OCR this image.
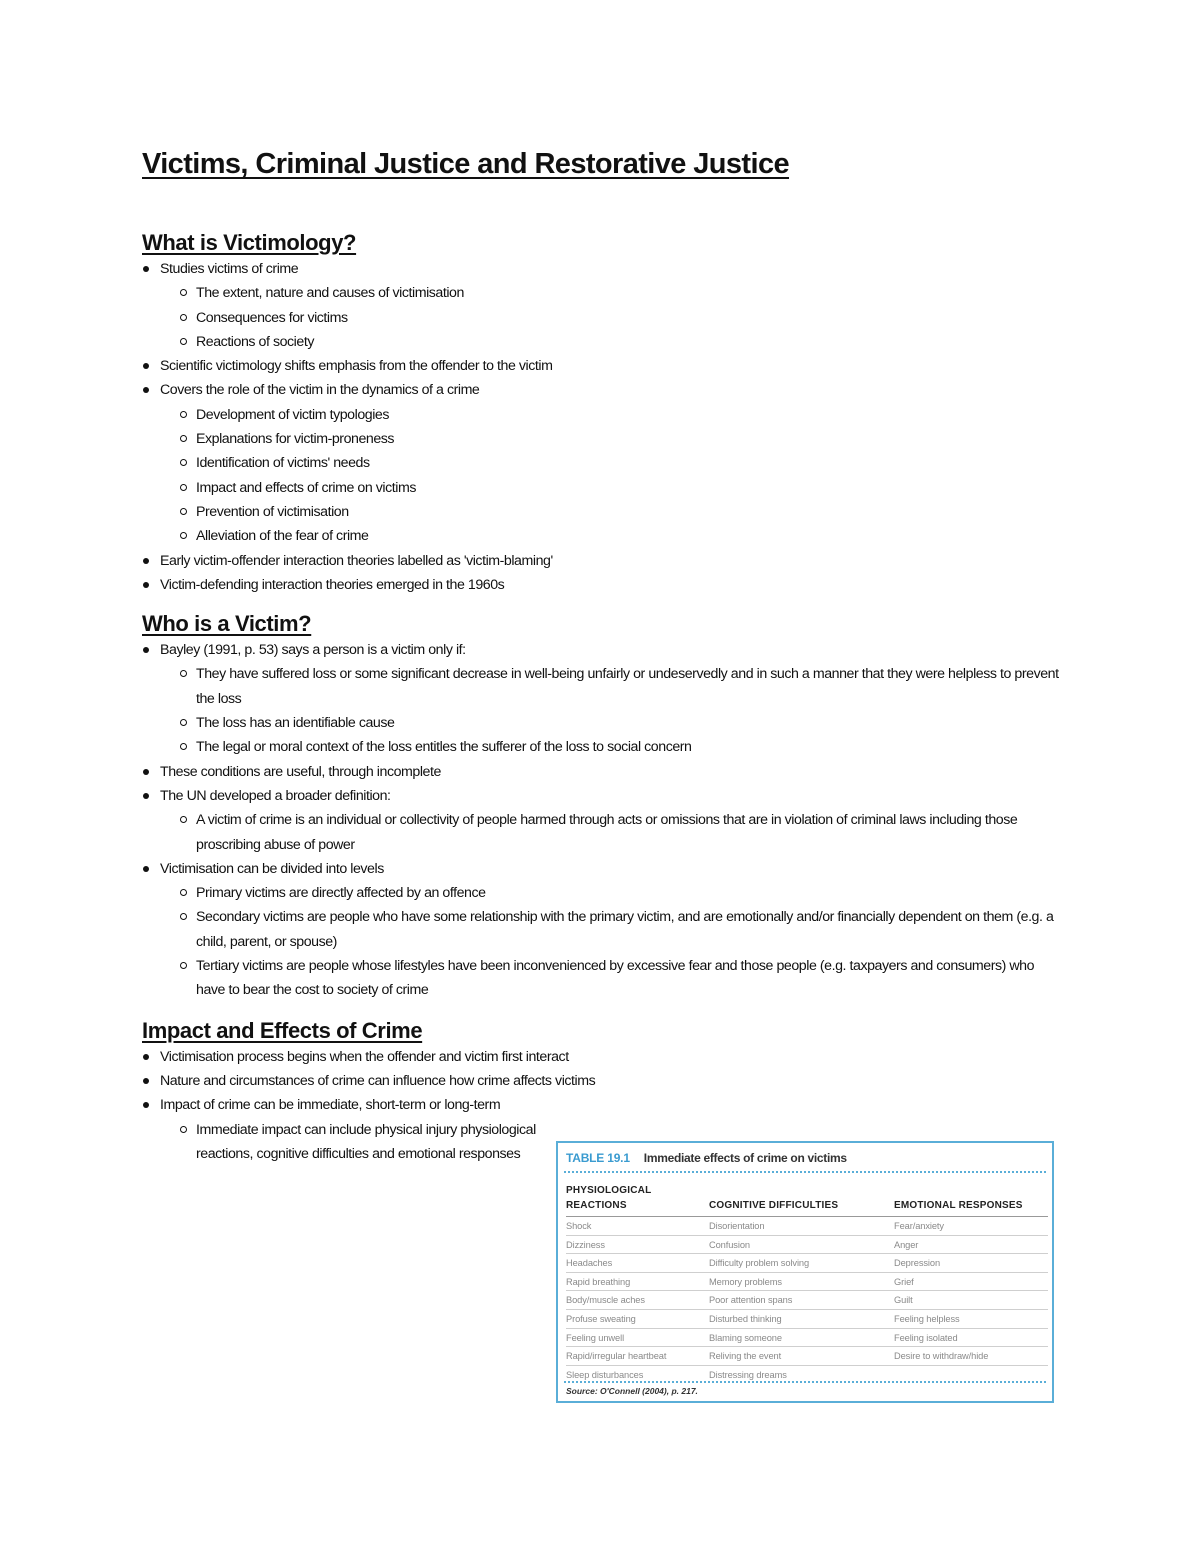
Victims, Criminal Justice and Restorative Justice
What is Victimology?
Studies victims of crime
The extent, nature and causes of victimisation
Consequences for victims
Reactions of society
Scientific victimology shifts emphasis from the offender to the victim
Covers the role of the victim in the dynamics of a crime
Development of victim typologies
Explanations for victim-proneness
Identification of victims' needs
Impact and effects of crime on victims
Prevention of victimisation
Alleviation of the fear of crime
Early victim-offender interaction theories labelled as 'victim-blaming'
Victim-defending interaction theories emerged in the 1960s
Who is a Victim?
Bayley (1991, p. 53) says a person is a victim only if:
They have suffered loss or some significant decrease in well-being unfairly or undeservedly and in such a manner that they were helpless to prevent the loss
The loss has an identifiable cause
The legal or moral context of the loss entitles the sufferer of the loss to social concern
These conditions are useful, through incomplete
The UN developed a broader definition:
A victim of crime is an individual or collectivity of people harmed through acts or omissions that are in violation of criminal laws including those proscribing abuse of power
Victimisation can be divided into levels
Primary victims are directly affected by an offence
Secondary victims are people who have some relationship with the primary victim, and are emotionally and/or financially dependent on them (e.g. a child, parent, or spouse)
Tertiary victims are people whose lifestyles have been inconvenienced by excessive fear and those people (e.g. taxpayers and consumers) who have to bear the cost to society of crime
Impact and Effects of Crime
Victimisation process begins when the offender and victim first interact
Nature and circumstances of crime can influence how crime affects victims
Impact of crime can be immediate, short-term or long-term
Immediate impact can include physical injury physiological reactions, cognitive difficulties and emotional responses	TABLE 19.1 Immediate effects of crime on victims
PHYSIOLOGICAL REACTIONS	COGNITIVE DIFFICULTIES	EMOTIONAL RESPONSES
Shock	Disorientation	Fear/anxiety
Dizziness	Confusion	Anger
Headaches	Difficulty problem solving	Depression
Rapid breathing	Memory problems	Grief
Body/muscle aches	Poor attention spans	Guilt
Profuse sweating	Disturbed thinking	Feeling helpless
Feeling unwell	Blaming someone	Feeling isolated
Rapid/irregular heartbeat	Reliving the event	Desire to withdraw/hide
Sleep disturbances	Distressing dreams	
Source: O'Connell (2004), p. 217.
